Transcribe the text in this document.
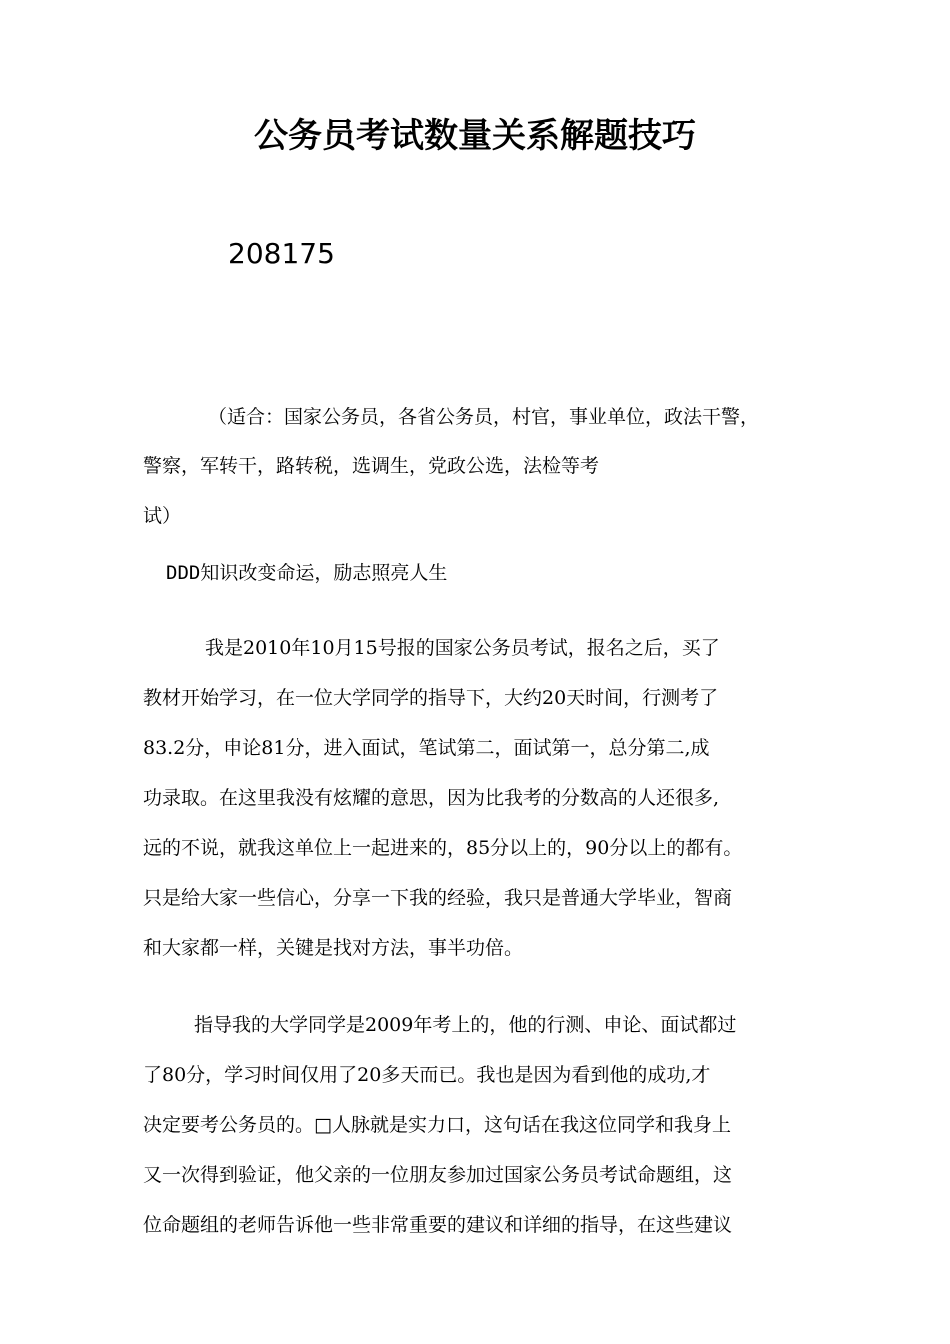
公务员考试数量关系解题技巧
208175
（适合：国家公务员，各省公务员，村官，事业单位，政法干警，
警察，军转干，路转税，选调生，党政公选，法检等考
试）
DDD知识改变命运，励志照亮人生
我是2010年10月15号报的国家公务员考试，报名之后，买了
教材开始学习，在一位大学同学的指导下，大约20天时间，行测考了
83.2分，申论81分，进入面试，笔试第二，面试第一，总分第二,成
功录取。在这里我没有炫耀的意思，因为比我考的分数高的人还很多,
远的不说，就我这单位上一起进来的，85分以上的，90分以上的都有。
只是给大家一些信心，分享一下我的经验，我只是普通大学毕业，智商
和大家都一样，关键是找对方法，事半功倍。
指导我的大学同学是2009年考上的，他的行测、申论、面试都过
了80分，学习时间仅用了20多天而已。我也是因为看到他的成功,才
决定要考公务员的。□人脉就是实力口，这句话在我这位同学和我身上
又一次得到验证，他父亲的一位朋友参加过国家公务员考试命题组，这
位命题组的老师告诉他一些非常重要的建议和详细的指导，在这些建议
